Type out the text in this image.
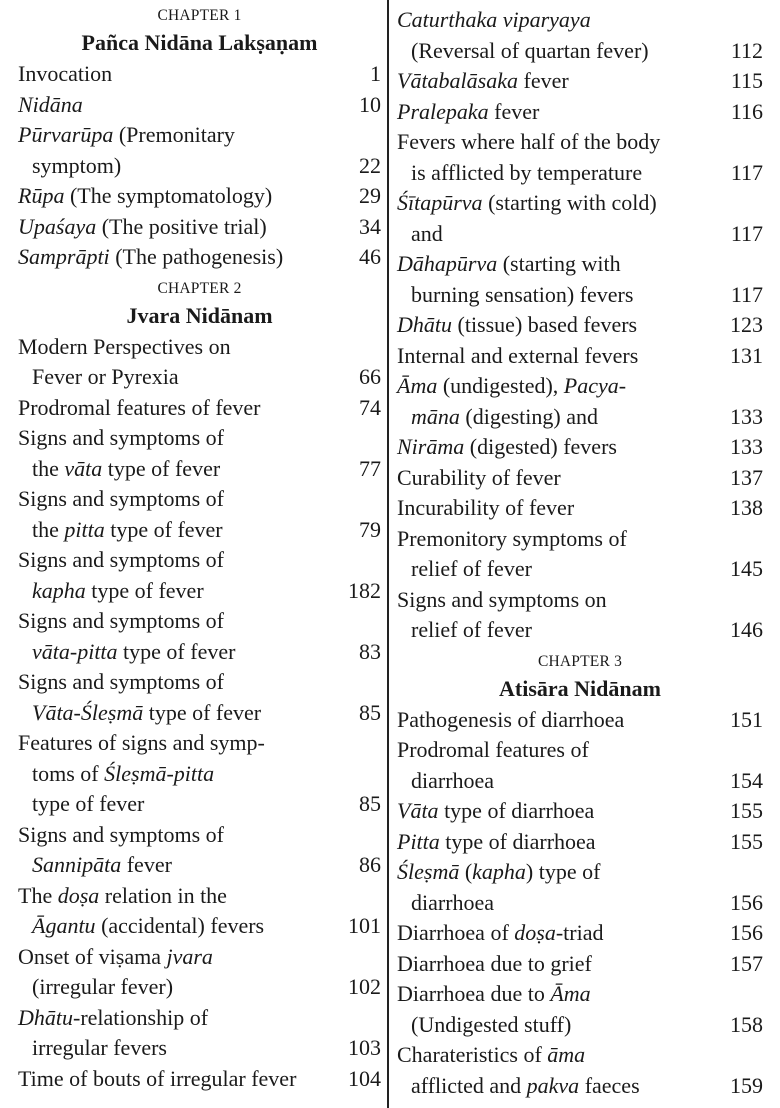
CHAPTER 1
Pañca Nidāna Lakṣaṇam
Invocation	1
Nidāna	10
Pūrvarūpa (Premonitary
symptom)	22
Rūpa (The symptomatology)	29
Upaśaya (The positive trial)	34
Samprāpti (The pathogenesis)	46
CHAPTER 2
Jvara Nidānam
Modern Perspectives on
Fever or Pyrexia	66
Prodromal features of fever	74
Signs and symptoms of
the vāta type of fever	77
Signs and symptoms of
the pitta type of fever	79
Signs and symptoms of
kapha type of fever	182
Signs and symptoms of
vāta-pitta type of fever	83
Signs and symptoms of
Vāta-Śleṣmā type of fever	85
Features of signs and symp-
toms of Śleṣmā-pitta
type of fever	85
Signs and symptoms of
Sannipāta fever	86
The doṣa relation in the
Āgantu (accidental) fevers	101
Onset of viṣama jvara
(irregular fever)	102
Dhātu-relationship of
irregular fevers	103
Time of bouts of irregular fever 104
Caturthaka viparyaya
(Reversal of quartan fever)	112
Vātabalāsaka fever	115
Pralepaka fever	116
Fevers where half of the body
is afflicted by temperature	117
Śītapūrva (starting with cold)
and	117
Dāhapūrva (starting with
burning sensation) fevers	117
Dhātu (tissue) based fevers	123
Internal and external fevers	131
Āma (undigested), Pacya-
māna (digesting) and	133
Nirāma (digested) fevers	133
Curability of fever	137
Incurability of fever	138
Premonitory symptoms of
relief of fever	145
Signs and symptoms on
relief of fever	146
CHAPTER 3
Atisāra Nidānam
Pathogenesis of diarrhoea	151
Prodromal features of
diarrhoea	154
Vāta type of diarrhoea	155
Pitta type of diarrhoea	155
Śleṣmā (kapha) type of
diarrhoea	156
Diarrhoea of doṣa-triad	156
Diarrhoea due to grief	157
Diarrhoea due to Āma
(Undigested stuff)	158
Charateristics of āma
afflicted and pakva faeces	159
